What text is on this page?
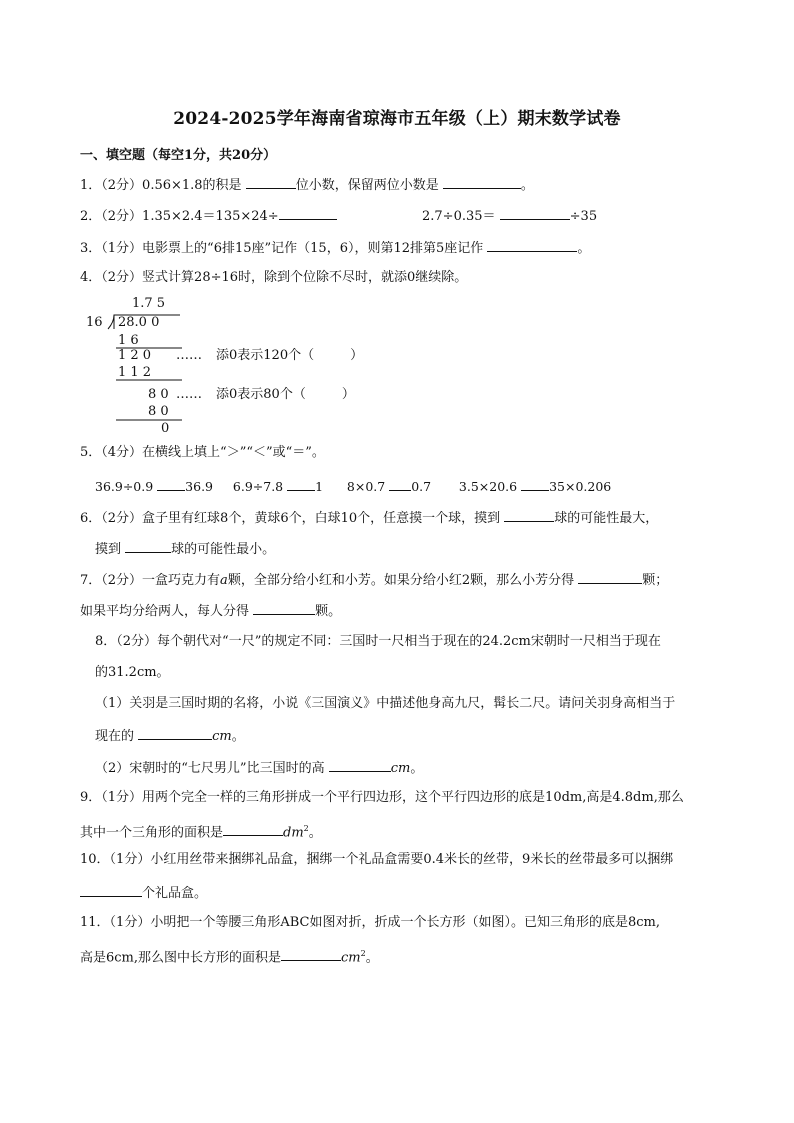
2024-2025学年海南省琼海市五年级（上）期末数学试卷
一、填空题（每空1分，共20分）
1．（2分）0.56×1.8的积是	位小数，保留两位小数是	。
2．（2分）1.35×2.4＝135×24÷	2.7÷0.35＝	÷35
3．（1分）电影票上的“6排15座”记作（15，6），则第12排第5座记作	。
4．（2分）竖式计算28÷16时，除到个位除不尽时，就添0继续除。
1.7 5
16 28.0 0
1 6
1 2 0 …… 添0表示120个（	）
1 1 2
8 0 …… 添0表示80个（	）
8 0
0
5．（4分）在横线上填上“＞”“＜”或“＝”。
36.9÷0.9	36.9 6.9÷7.8	1 8×0.7 0.7 3.5×20.6	35×0.206
6．（2分）盒子里有红球8个，黄球6个，白球10个，任意摸一个球，摸到	球的可能性最大，
摸到	球的可能性最小。
7．（2分）一盒巧克力有a颗，全部分给小红和小芳。如果分给小红2颗，那么小芳分得	颗；
如果平均分给两人，每人分得	颗。
8．（2分）每个朝代对“一尺”的规定不同：三国时一尺相当于现在的24.2cm宋朝时一尺相当于现在
的31.2cm。
（1）关羽是三国时期的名将，小说《三国演义》中描述他身高九尺，髯长二尺。请问关羽身高相当于
现在的	cm。
（2）宋朝时的“七尺男儿”比三国时的高	cm。
9．（1分）用两个完全一样的三角形拼成一个平行四边形，这个平行四边形的底是10dm,高是4.8dm,那么
其中一个三角形的面积是	$dm^2$。
10．（1分）小红用丝带来捆绑礼品盒，捆绑一个礼品盒需要0.4米长的丝带，9米长的丝带最多可以捆绑
个礼品盒。
11．（1分）小明把一个等腰三角形ABC如图对折，折成一个长方形（如图）。已知三角形的底是8cm,
高是6cm,那么图中长方形的面积是	$cm^2$。
